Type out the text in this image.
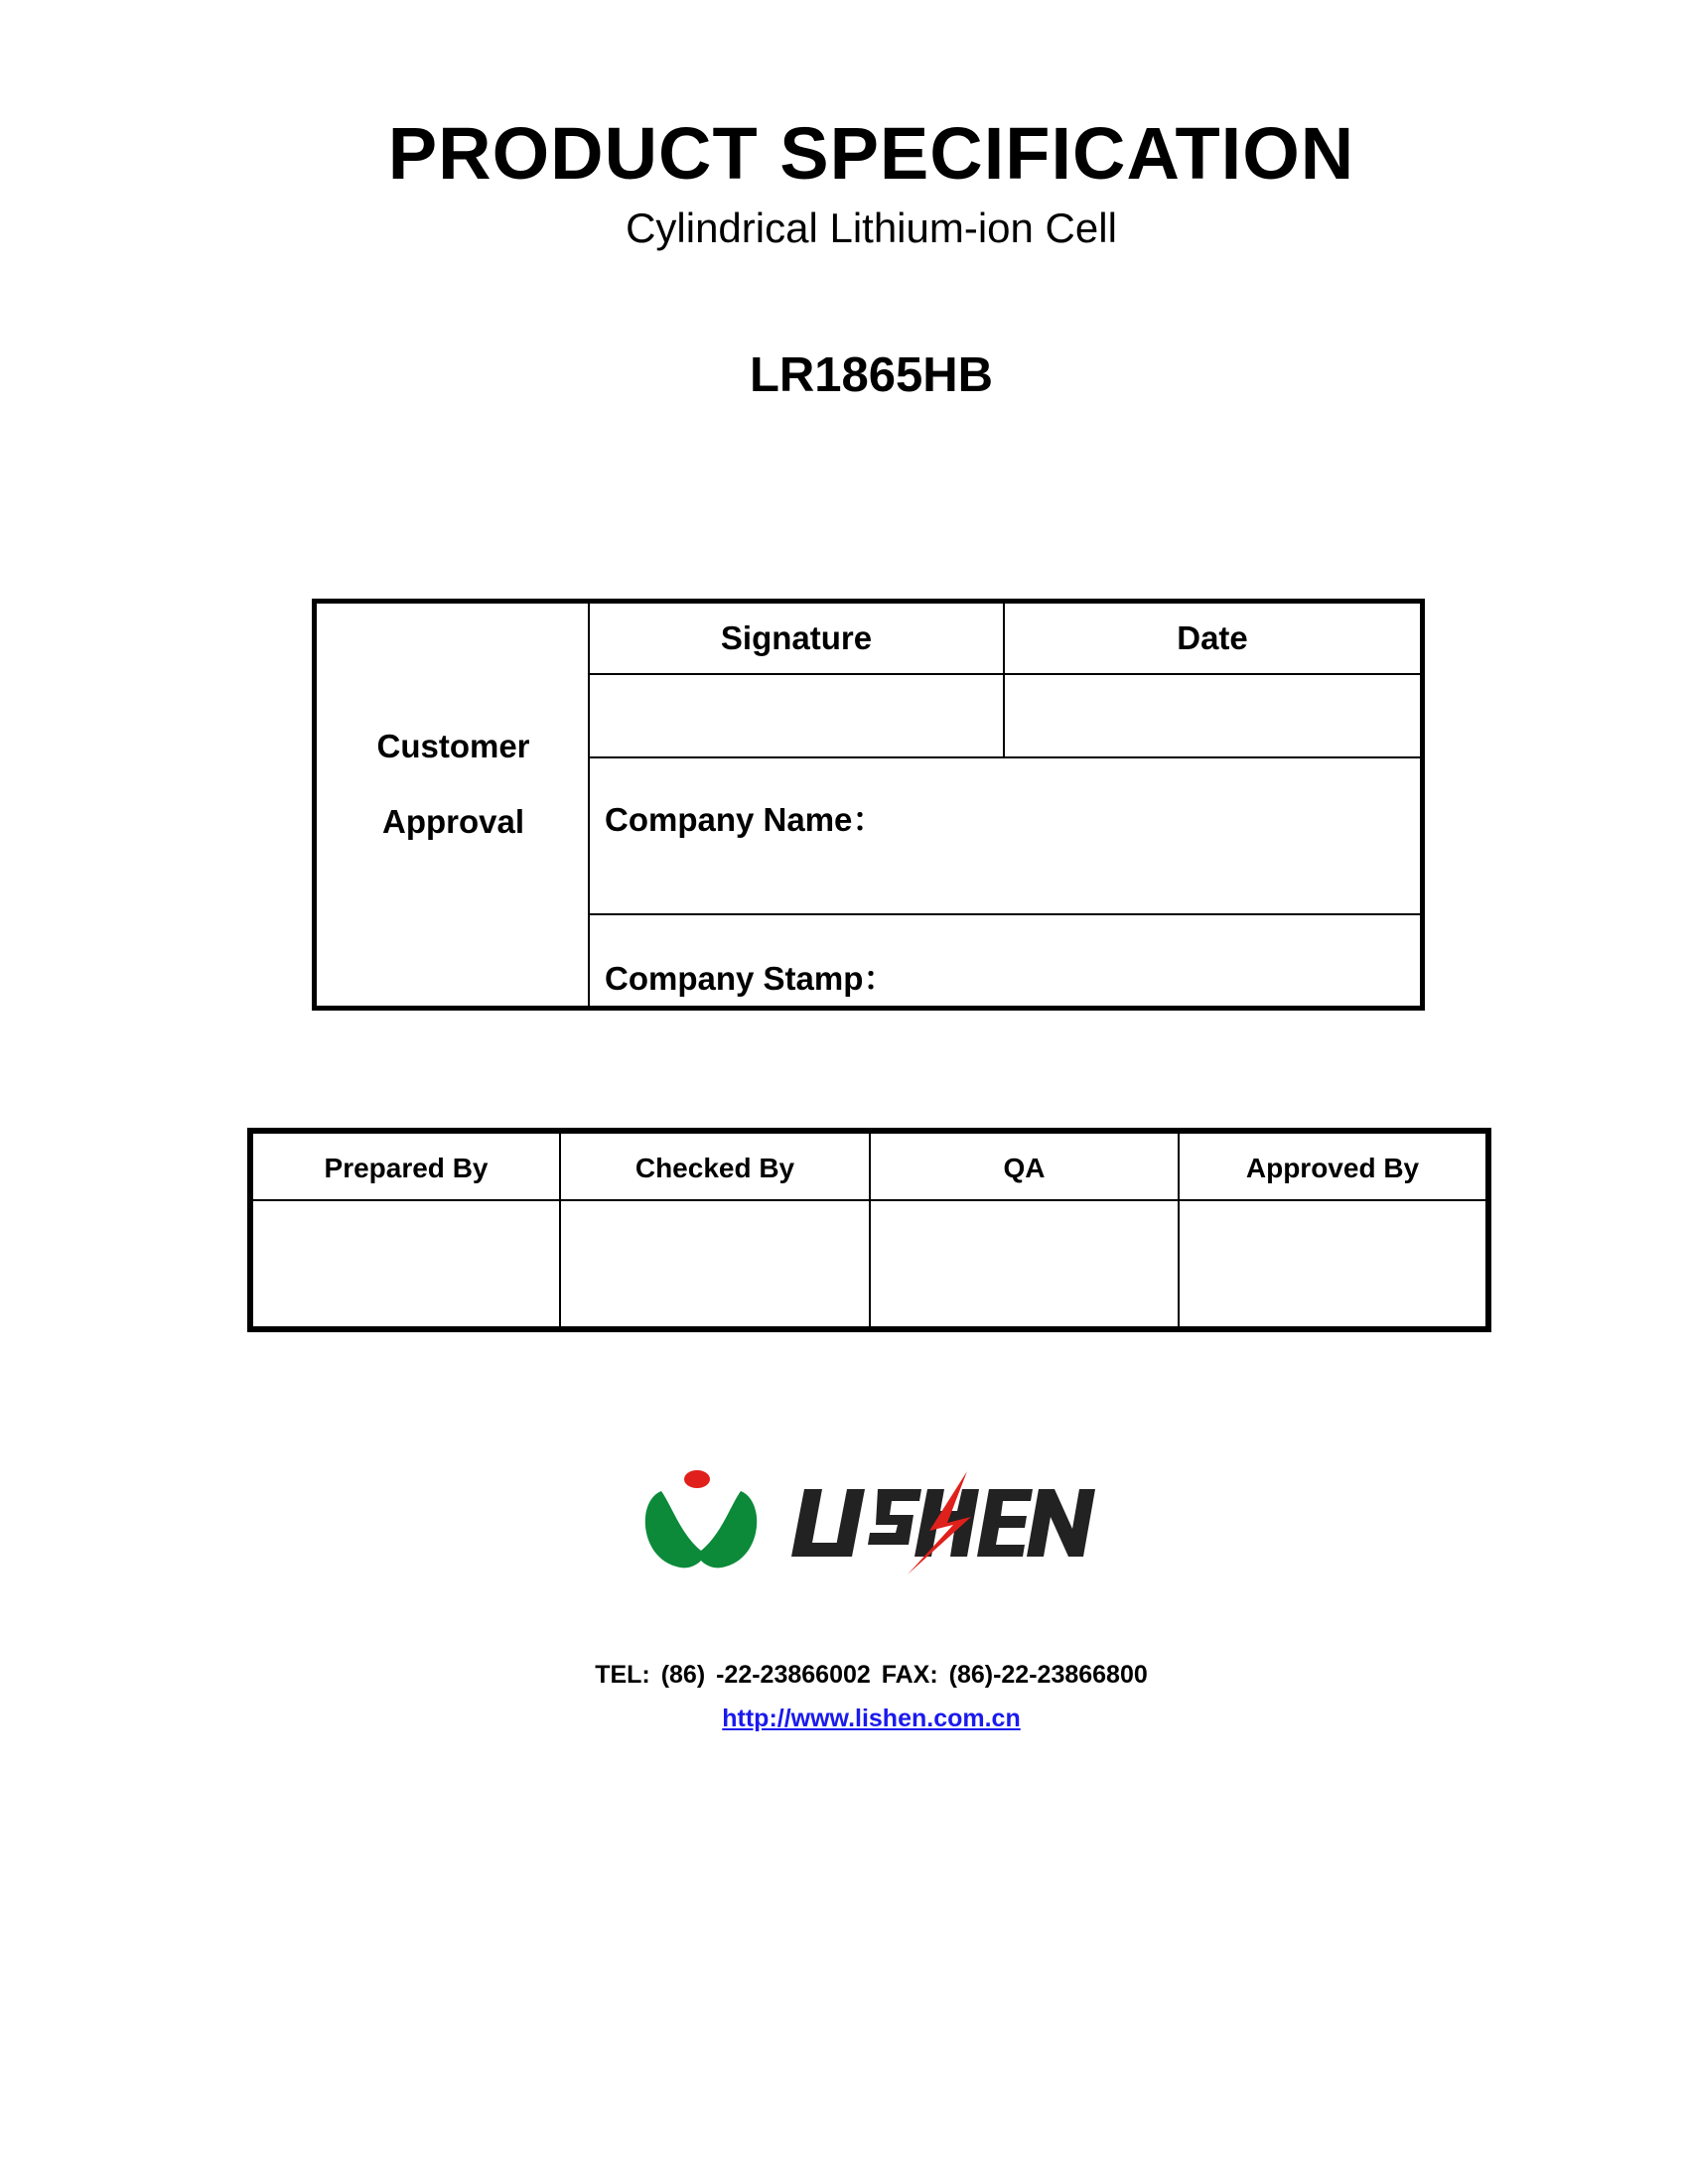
PRODUCT SPECIFICATION
Cylindrical Lithium-ion Cell
LR1865HB
Customer
Approval
Signature	Date
Company Name：
Company Stamp：
Prepared By	Checked By	QA	Approved By
TEL: (86) -22-23866002 FAX: (86)-22-23866800
http://www.lishen.com.cn
